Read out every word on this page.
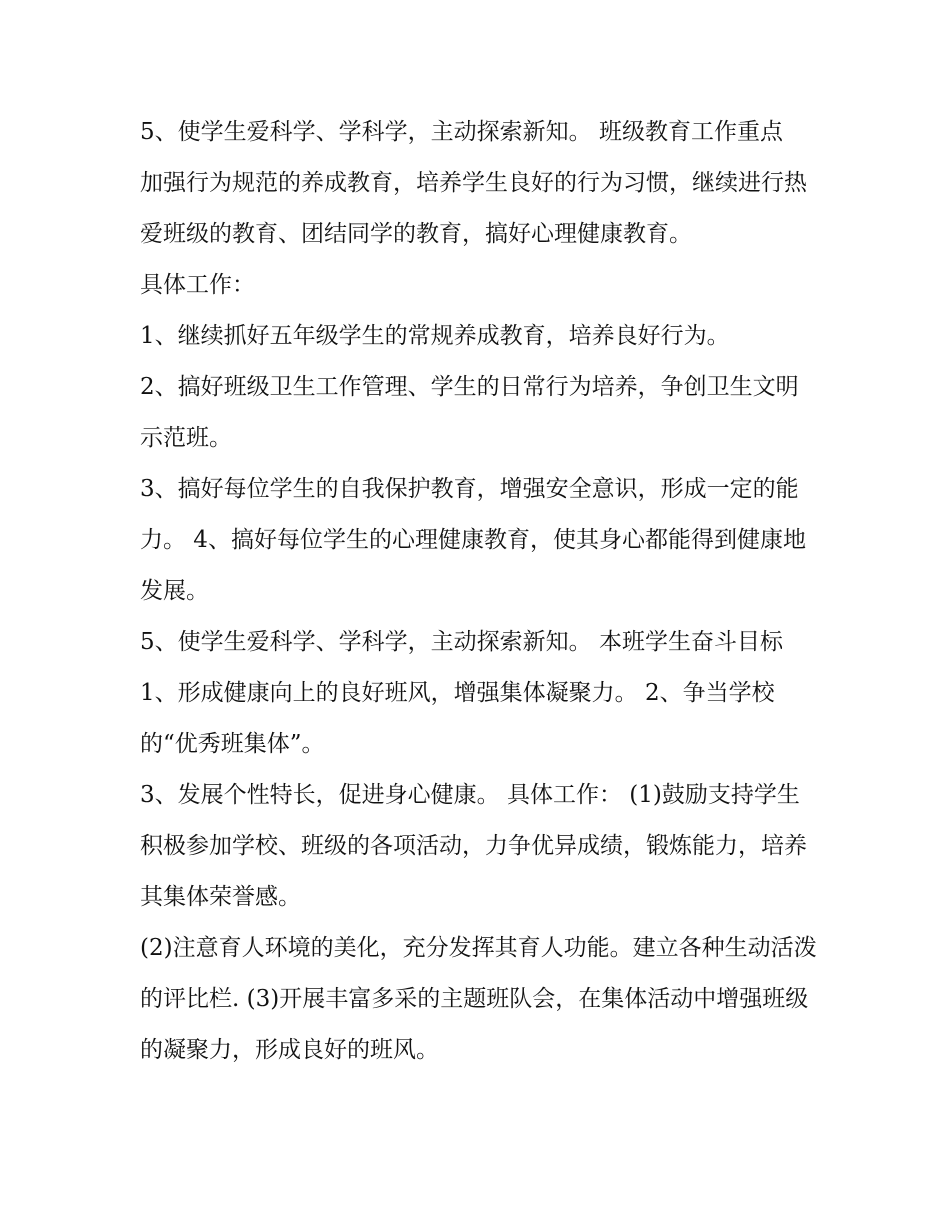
5、使学生爱科学、学科学，主动探索新知。 班级教育工作重点

加强行为规范的养成教育，培养学生良好的行为习惯，继续进行热爱班级的教育、团结同学的教育，搞好心理健康教育。

具体工作：

1、继续抓好五年级学生的常规养成教育，培养良好行为。

2、搞好班级卫生工作管理、学生的日常行为培养，争创卫生文明示范班。

3、搞好每位学生的自我保护教育，增强安全意识，形成一定的能力。 4、搞好每位学生的心理健康教育，使其身心都能得到健康地发展。

5、使学生爱科学、学科学，主动探索新知。 本班学生奋斗目标 1、形成健康向上的良好班风，增强集体凝聚力。 2、争当学校的“优秀班集体”。

3、发展个性特长，促进身心健康。 具体工作： (1)鼓励支持学生积极参加学校、班级的各项活动，力争优异成绩，锻炼能力，培养其集体荣誉感。

(2)注意育人环境的美化，充分发挥其育人功能。建立各种生动活泼的评比栏. (3)开展丰富多采的主题班队会，在集体活动中增强班级的凝聚力，形成良好的班风。
